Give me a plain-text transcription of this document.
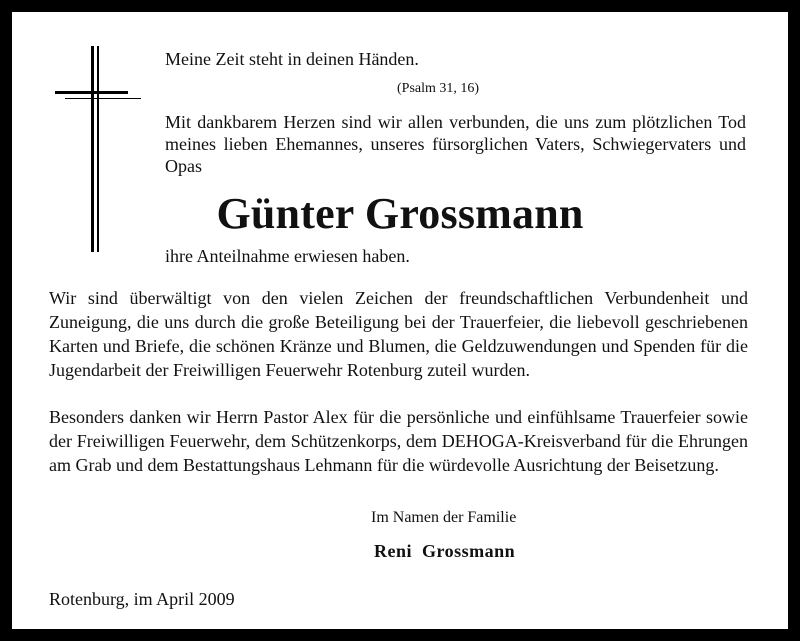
Meine Zeit steht in deinen Händen.
(Psalm 31, 16)
Mit dankbarem Herzen sind wir allen verbunden, die uns zum plötzlichen Tod meines lieben Ehemannes, unseres fürsorglichen Vaters, Schwiegervaters und Opas
Günter Grossmann
ihre Anteilnahme erwiesen haben.
Wir sind überwältigt von den vielen Zeichen der freundschaftlichen Verbundenheit und Zuneigung, die uns durch die große Beteiligung bei der Trauerfeier, die liebevoll geschriebenen Karten und Briefe, die schönen Kränze und Blumen, die Geldzuwendungen und Spenden für die Jugendarbeit der Freiwilligen Feuerwehr Rotenburg zuteil wurden.
Besonders danken wir Herrn Pastor Alex für die persönliche und einfühlsame Trauerfeier sowie der Freiwilligen Feuerwehr, dem Schützenkorps, dem DEHOGA-Kreisverband für die Ehrungen am Grab und dem Bestattungshaus Lehmann für die würdevolle Ausrichtung der Beisetzung.
Im Namen der Familie
Reni  Grossmann
Rotenburg, im April 2009
